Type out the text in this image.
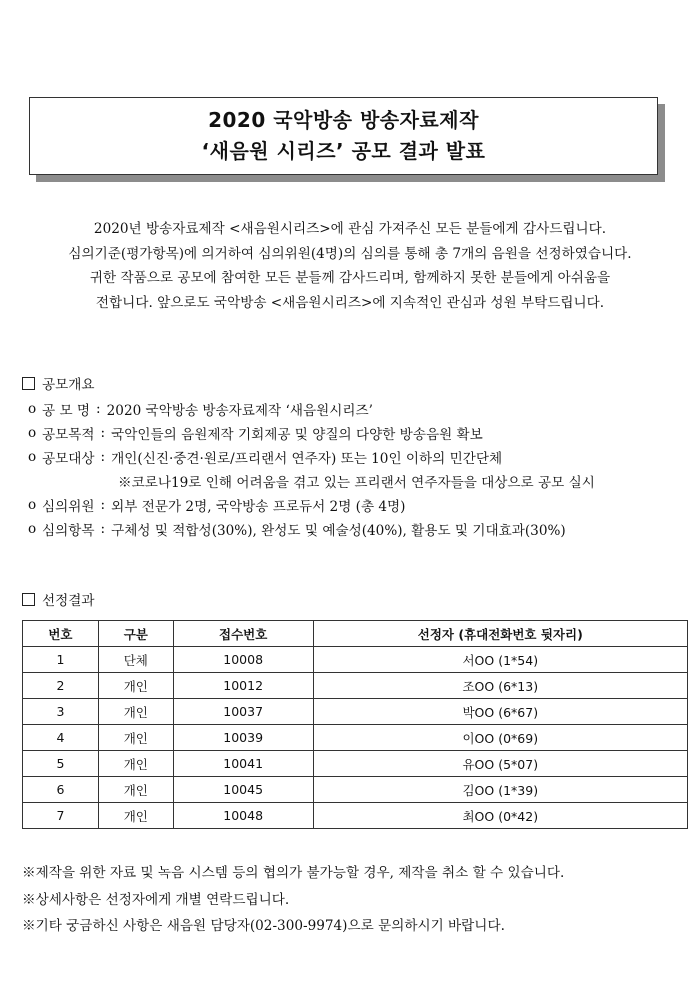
2020 국악방송 방송자료제작
‘새음원 시리즈’ 공모 결과 발표
2020년 방송자료제작 <새음원시리즈>에 관심 가져주신 모든 분들에게 감사드립니다.
심의기준(평가항목)에 의거하여 심의위원(4명)의 심의를 통해 총 7개의 음원을 선정하였습니다.
귀한 작품으로 공모에 참여한 모든 분들께 감사드리며, 함께하지 못한 분들에게 아쉬움을
전합니다. 앞으로도 국악방송 <새음원시리즈>에 지속적인 관심과 성원 부탁드립니다.
공모개요
o 공 모 명 : 2020 국악방송 방송자료제작 ‘새음원시리즈’
o 공모목적 : 국악인들의 음원제작 기회제공 및 양질의 다양한 방송음원 확보
o 공모대상 : 개인(신진·중견·원로/프리랜서 연주자) 또는 10인 이하의 민간단체
※코로나19로 인해 어려움을 겪고 있는 프리랜서 연주자들을 대상으로 공모 실시
o 심의위원 : 외부 전문가 2명, 국악방송 프로듀서 2명 (총 4명)
o 심의항목 : 구체성 및 적합성(30%), 완성도 및 예술성(40%), 활용도 및 기대효과(30%)
선정결과
번호	구분	접수번호	선정자 (휴대전화번호 뒷자리)
1	단체	10008	서OO (1*54)
2	개인	10012	조OO (6*13)
3	개인	10037	박OO (6*67)
4	개인	10039	이OO (0*69)
5	개인	10041	유OO (5*07)
6	개인	10045	김OO (1*39)
7	개인	10048	최OO (0*42)
※제작을 위한 자료 및 녹음 시스템 등의 협의가 불가능할 경우, 제작을 취소 할 수 있습니다.
※상세사항은 선정자에게 개별 연락드립니다.
※기타 궁금하신 사항은 새음원 담당자(02-300-9974)으로 문의하시기 바랍니다.
